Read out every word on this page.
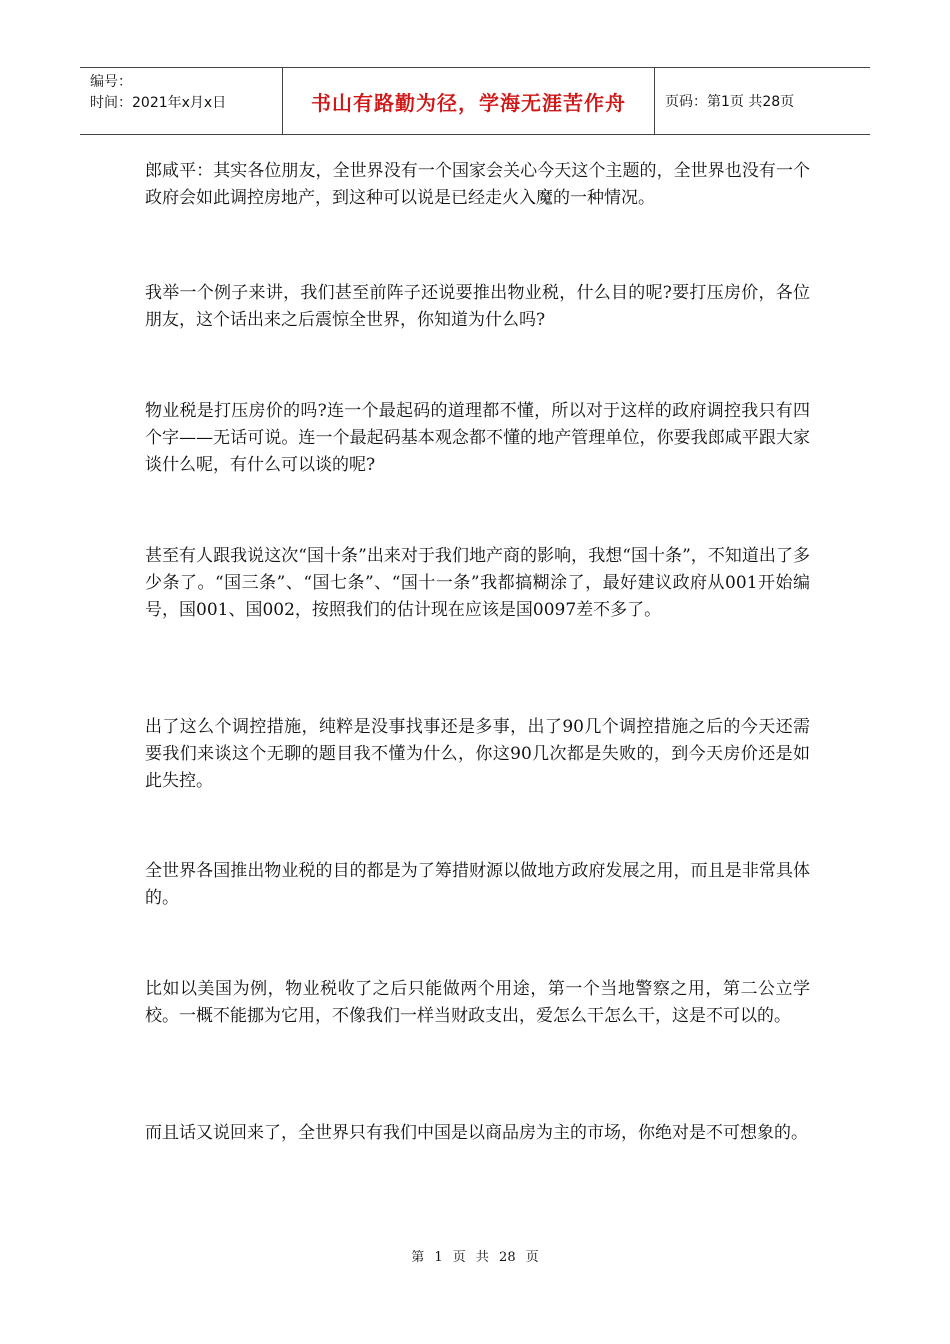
编号：
时间：2021年x月x日	书山有路勤为径，学海无涯苦作舟	页码：第1页 共28页

郎咸平：其实各位朋友，全世界没有一个国家会关心今天这个主题的，全世界也没有一个政府会如此调控房地产，到这种可以说是已经走火入魔的一种情况。

我举一个例子来讲，我们甚至前阵子还说要推出物业税，什么目的呢?要打压房价，各位朋友，这个话出来之后震惊全世界，你知道为什么吗?

物业税是打压房价的吗?连一个最起码的道理都不懂，所以对于这样的政府调控我只有四个字——无话可说。连一个最起码基本观念都不懂的地产管理单位，你要我郎咸平跟大家谈什么呢，有什么可以谈的呢?

甚至有人跟我说这次“国十条”出来对于我们地产商的影响，我想“国十条”，不知道出了多少条了。“国三条”、“国七条”、“国十一条”我都搞糊涂了，最好建议政府从001开始编号，国001、国002，按照我们的估计现在应该是国0097差不多了。

出了这么个调控措施，纯粹是没事找事还是多事，出了90几个调控措施之后的今天还需要我们来谈这个无聊的题目我不懂为什么，你这90几次都是失败的，到今天房价还是如此失控。

全世界各国推出物业税的目的都是为了筹措财源以做地方政府发展之用，而且是非常具体的。

比如以美国为例，物业税收了之后只能做两个用途，第一个当地警察之用，第二公立学校。一概不能挪为它用，不像我们一样当财政支出，爱怎么干怎么干，这是不可以的。

而且话又说回来了，全世界只有我们中国是以商品房为主的市场，你绝对是不可想象的。

第 1 页 共 28 页
